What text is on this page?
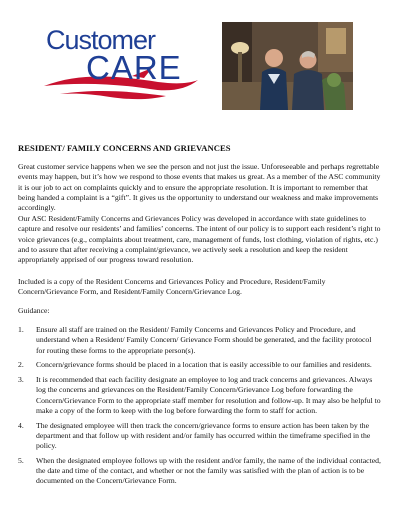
Customer
CARE
RESIDENT/ FAMILY CONCERNS AND GRIEVANCES

Great customer service happens when we see the person and not just the issue. Unforeseeable and perhaps regrettable events may happen, but it’s how we respond to those events that makes us great. As a member of the ASC community it is our job to act on complaints quickly and to ensure the appropriate resolution. It is important to remember that being handed a complaint is a “gift”. It gives us the opportunity to understand our weakness and make improvements accordingly.

Our ASC Resident/Family Concerns and Grievances Policy was developed in accordance with state guidelines to capture and resolve our residents’ and families’ concerns. The intent of our policy is to support each resident’s right to voice grievances (e.g., complaints about treatment, care, management of funds, lost clothing, violation of rights, etc.) and to assure that after receiving a complaint/grievance, we actively seek a resolution and keep the resident appropriately apprised of our progress toward resolution.

Included is a copy of the Resident Concerns and Grievances Policy and Procedure, Resident/Family Concern/Grievance Form, and Resident/Family Concern/Grievance Log.

Guidance:

1. Ensure all staff are trained on the Resident/ Family Concerns and Grievances Policy and Procedure, and understand when a Resident/ Family Concern/ Grievance Form should be generated, and the facility protocol for routing these forms to the appropriate person(s).
2. Concern/grievance forms should be placed in a location that is easily accessible to our families and residents.
3. It is recommended that each facility designate an employee to log and track concerns and grievances. Always log the concerns and grievances on the Resident/Family Concern/Grievance Log before forwarding the Concern/Grievance Form to the appropriate staff member for resolution and follow-up. It may also be helpful to make a copy of the form to keep with the log before forwarding the form to staff for action.
4. The designated employee will then track the concern/grievance forms to ensure action has been taken by the department and that follow up with resident and/or family has occurred within the timeframe specified in the policy.
5. When the designated employee follows up with the resident and/or family, the name of the individual contacted, the date and time of the contact, and whether or not the family was satisfied with the plan of action is to be documented on the Concern/Grievance Form.
